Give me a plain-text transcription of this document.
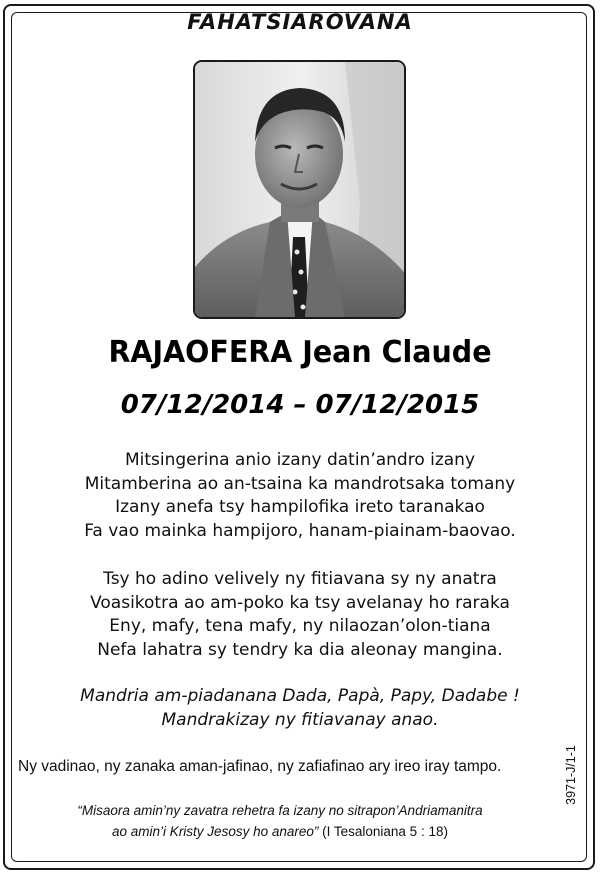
FAHATSIAROVANA
RAJAOFERA Jean Claude
07/12/2014 – 07/12/2015
Mitsingerina anio izany datin’andro izany
Mitamberina ao an-tsaina ka mandrotsaka tomany
Izany anefa tsy hampilofika ireto taranakao
Fa vao mainka hampijoro, hanam-piainam-baovao.
Tsy ho adino velively ny fitiavana sy ny anatra
Voasikotra ao am-poko ka tsy avelanay ho raraka
Eny, mafy, tena mafy, ny nilaozan’olon-tiana
Nefa lahatra sy tendry ka dia aleonay mangina.
Mandria am-piadanana Dada, Papà, Papy, Dadabe !
Mandrakizay ny fitiavanay anao.
Ny vadinao, ny zanaka aman-jafinao, ny zafiafinao ary ireo iray tampo.
“Misaora amin’ny zavatra rehetra fa izany no sitrapon’Andriamanitra
ao amin’i Kristy Jesosy ho anareo” (I Tesaloniana 5 : 18)
3971-J/1-1
